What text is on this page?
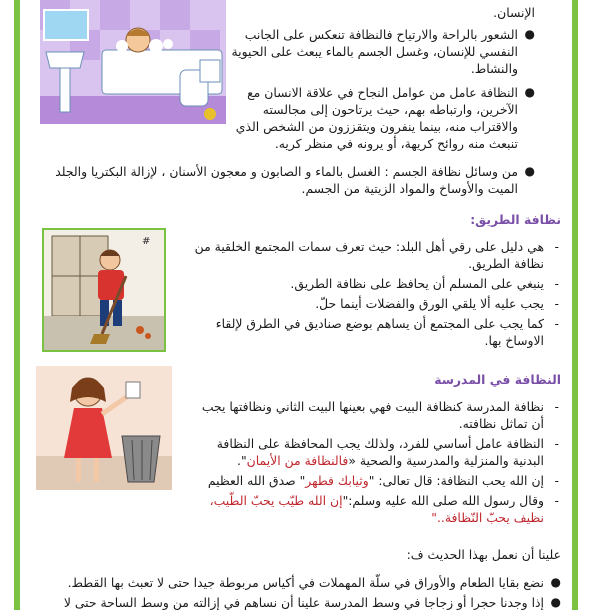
الإنسان.
●
الشعور بالراحة والارتياح فالنظافة تنعكس على الجانب النفسي للإنسان، وغسل الجسم بالماء يبعث على الحيوية والنشاط.
●
النظافة عامل من عوامل النجاح في علاقة الانسان مع الآخرين، وارتباطه بهم، حيث يرتاحون إلى مجالسته والاقتراب منه، بينما ينفرون ويتقززون من الشخص الذي تنبعث منه روائح كريهة، أو يرونه في منظر كريه.
●
من وسائل نظافة الجسم : الغسل بالماء و الصابون و معجون الأسنان ، لإزالة البكتريا والجلد الميت والأوساخ والمواد الزيتية من الجسم.
نظافة الطريق:
#	-
هي دليل على رقي أهل البلد: حيث تعرف سمات المجتمع الخلقية من نظافة الطريق.
-
ينبغي على المسلم أن يحافظ على نظافة الطريق.
-
يجب عليه ألا يلقي الورق والفضلات أينما حلّ.
-
كما يجب على المجتمع أن يساهم بوضع صناديق في الطرق لإلقاء الاوساخ بها.
النظافة في المدرسة
-
نظافة المدرسة كنظافة البيت فهي بعينها البيت الثاني ونظافتها يجب أن تماثل نظافته.
-
النظافة عامل أساسي للفرد، ولذلك يجب المحافظة على النظافة البدنية والمنزلية والمدرسية والصحية «فالنظافة من الأيمان".
-
إن الله يحب النظافة: قال تعالى: "وثيابك فطهر" صدق الله العظيم
-
وقال رسول الله صلى الله عليه وسلم:"إن الله طيّب يحبّ الطّيب، نظيف يحبّ النّظافة.."
علينا أن نعمل بهذا الحديث ف:
●
نضع بقايا الطعام والأوراق في سلّة المهملات في أكياس مربوطة جيدا حتى لا تعبث بها القطط.
●
إذا وجدنا حجرا أو زجاجا في وسط المدرسة علينا أن نساهم في إزالته من وسط الساحة حتى لا
